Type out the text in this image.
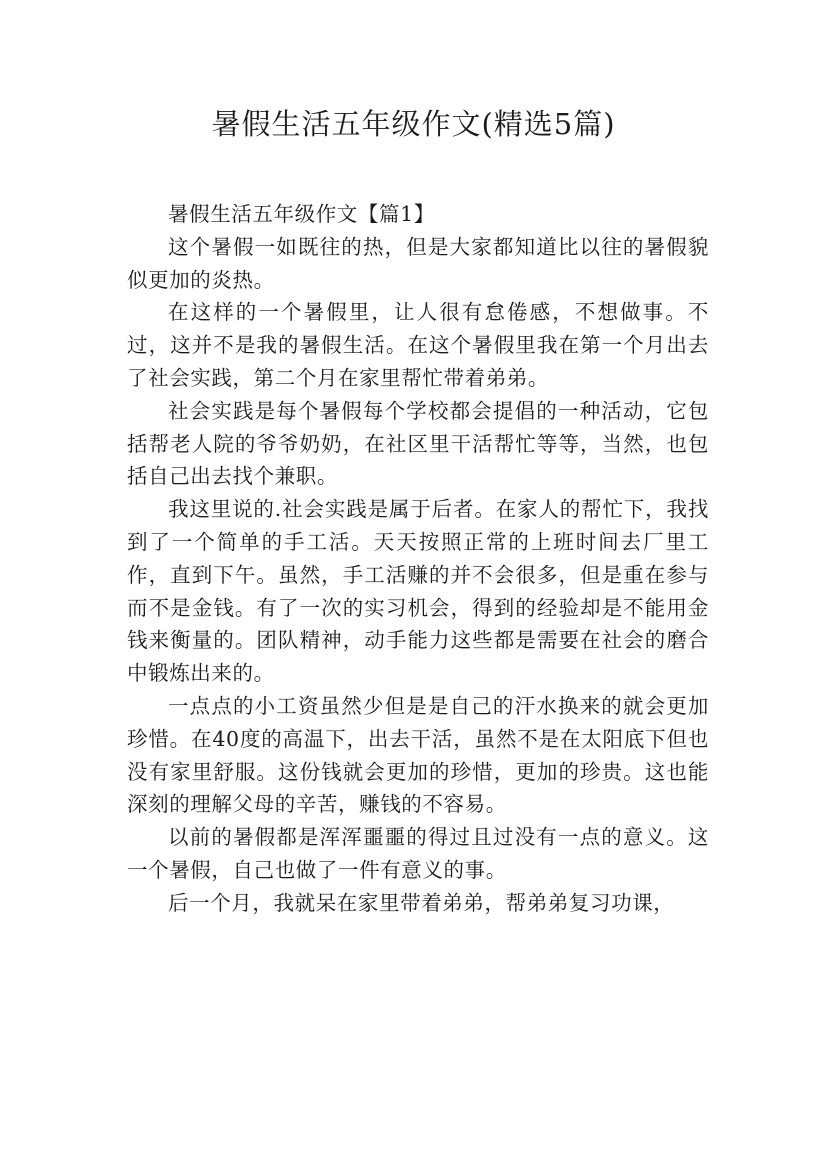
暑假生活五年级作文(精选5篇)

暑假生活五年级作文【篇1】

这个暑假一如既往的热，但是大家都知道比以往的暑假貌似更加的炎热。

在这样的一个暑假里，让人很有怠倦感，不想做事。不过，这并不是我的暑假生活。在这个暑假里我在第一个月出去了社会实践，第二个月在家里帮忙带着弟弟。

社会实践是每个暑假每个学校都会提倡的一种活动，它包括帮老人院的爷爷奶奶，在社区里干活帮忙等等，当然，也包括自己出去找个兼职。

我这里说的.社会实践是属于后者。在家人的帮忙下，我找到了一个简单的手工活。天天按照正常的上班时间去厂里工作，直到下午。虽然，手工活赚的并不会很多，但是重在参与而不是金钱。有了一次的实习机会，得到的经验却是不能用金钱来衡量的。团队精神，动手能力这些都是需要在社会的磨合中锻炼出来的。

一点点的小工资虽然少但是是自己的汗水换来的就会更加珍惜。在40度的高温下，出去干活，虽然不是在太阳底下但也没有家里舒服。这份钱就会更加的珍惜，更加的珍贵。这也能深刻的理解父母的辛苦，赚钱的不容易。

以前的暑假都是浑浑噩噩的得过且过没有一点的意义。这一个暑假，自己也做了一件有意义的事。

后一个月，我就呆在家里带着弟弟，帮弟弟复习功课，
